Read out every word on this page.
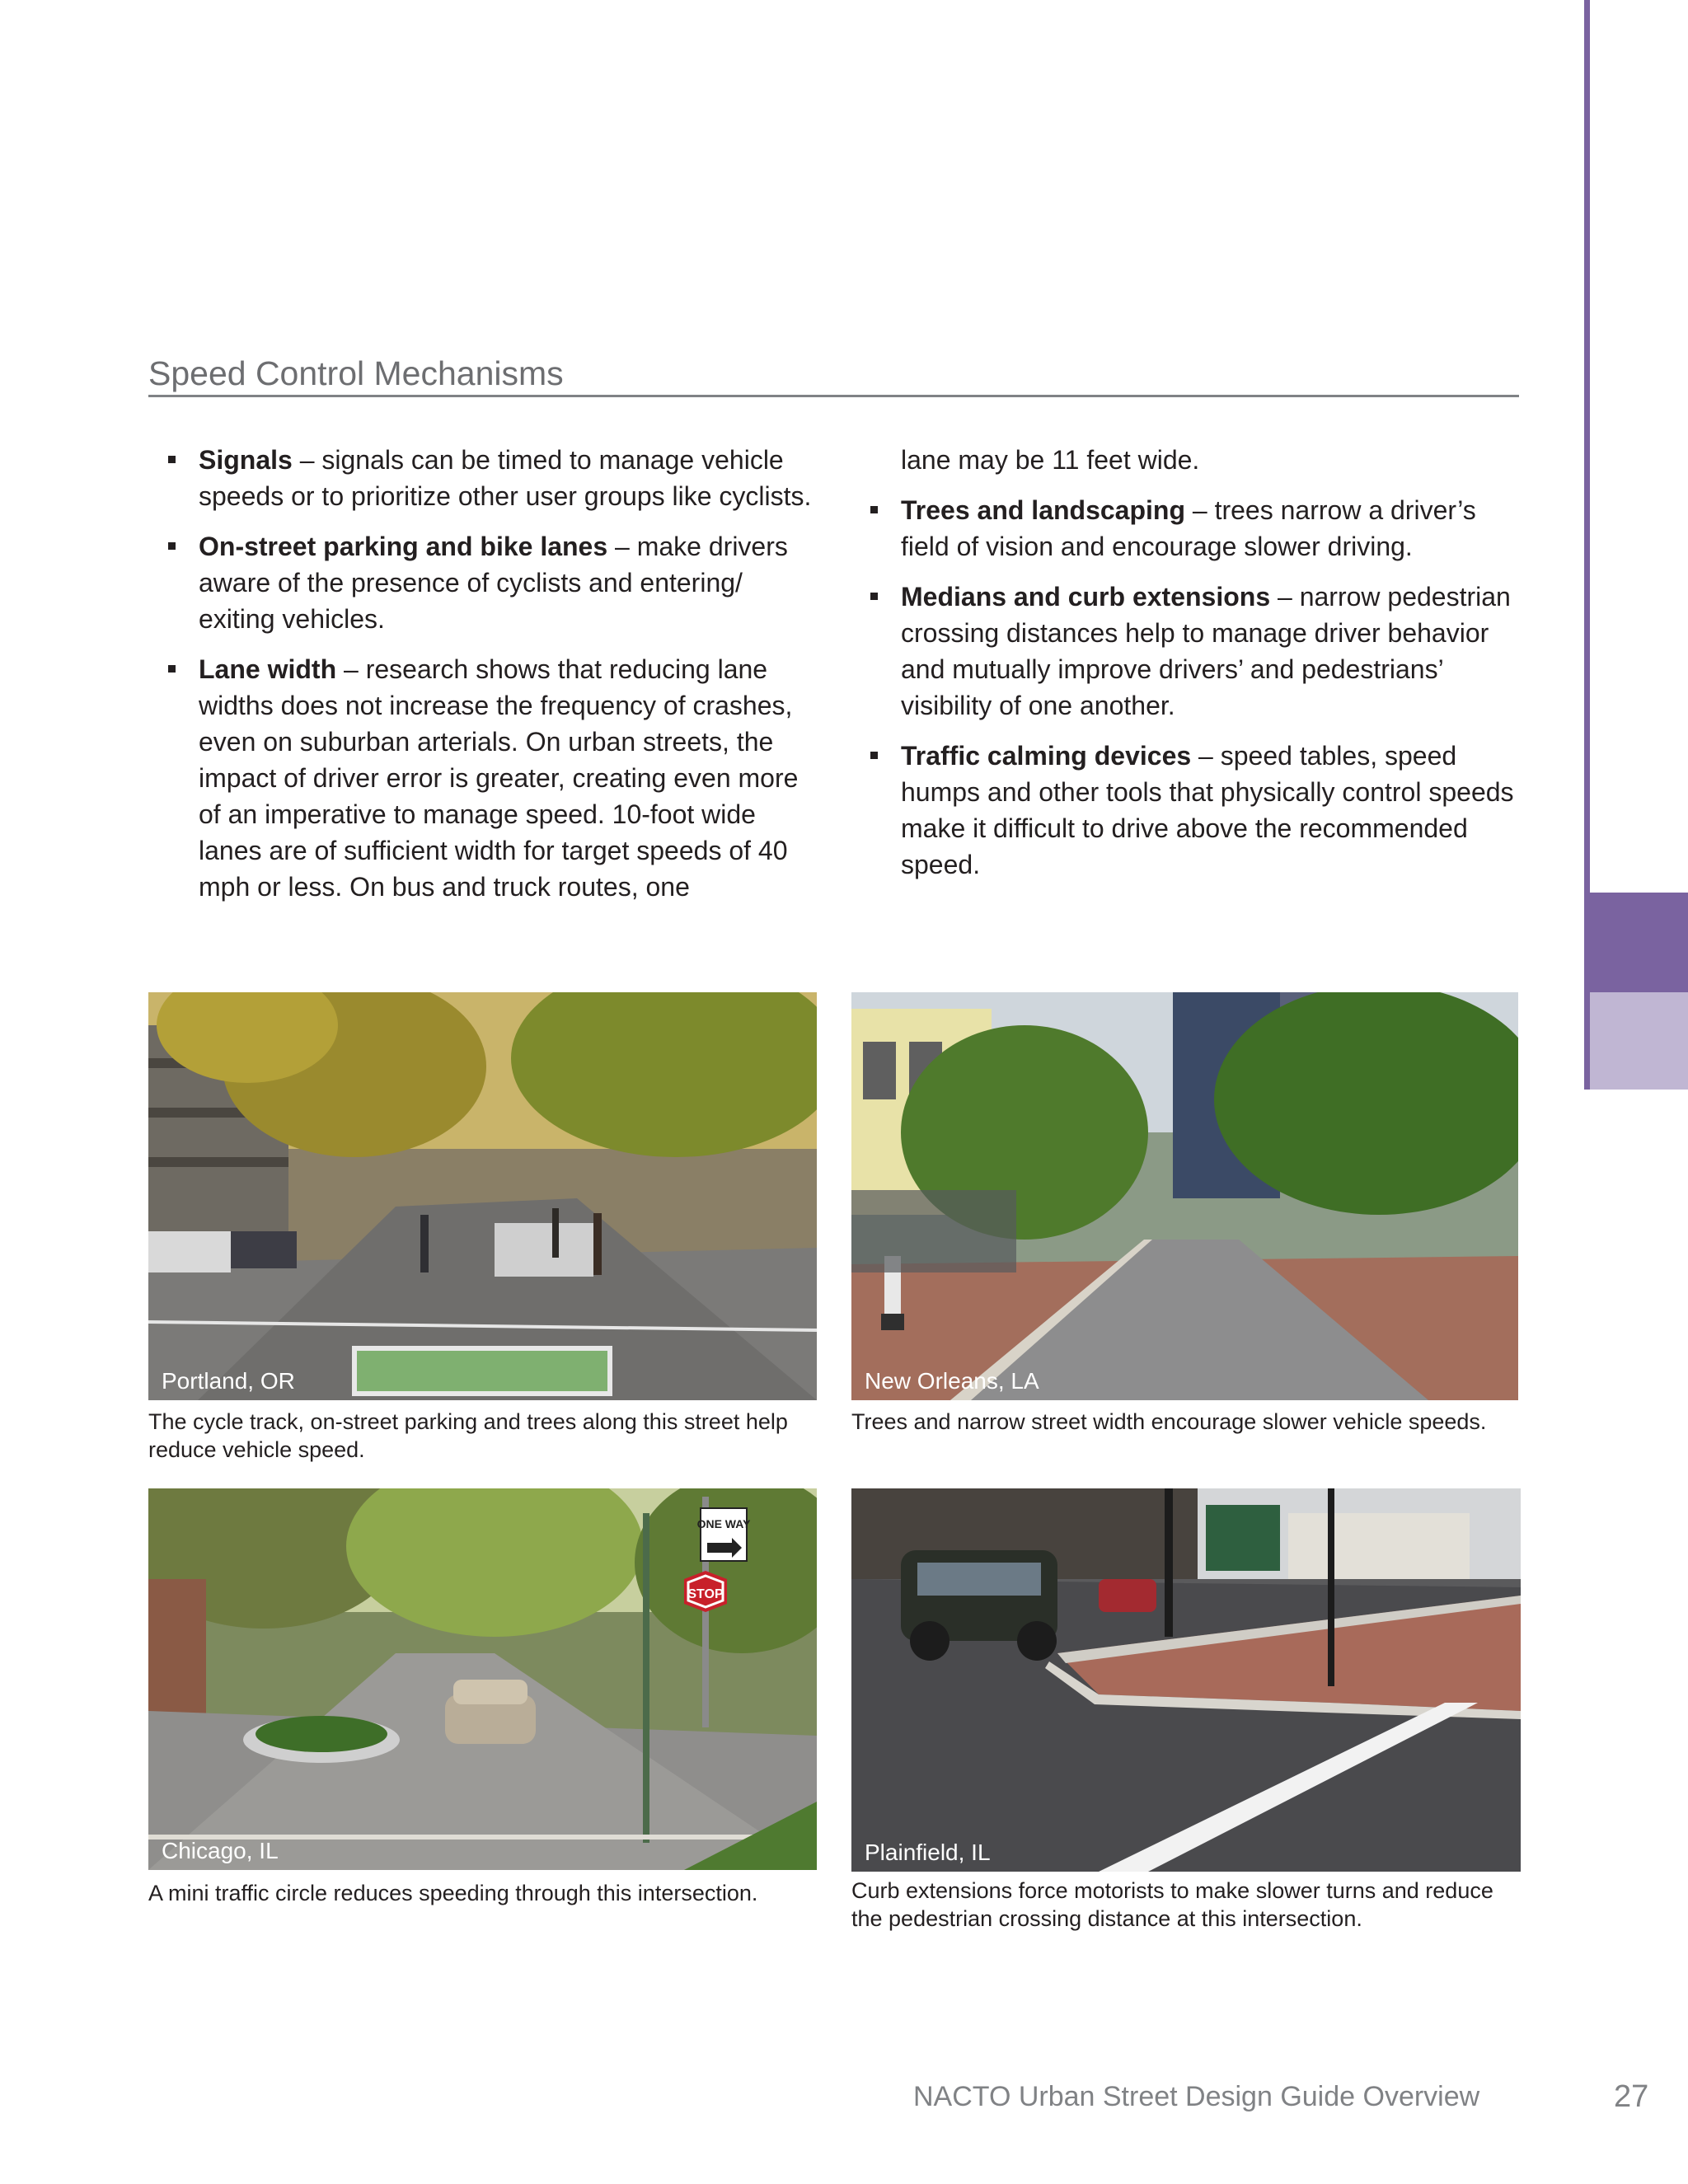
Speed Control Mechanisms
Signals – signals can be timed to manage vehicle speeds or to prioritize other user groups like cyclists.
On-street parking and bike lanes – make drivers aware of the presence of cyclists and entering/ exiting vehicles.
Lane width – research shows that reducing lane widths does not increase the frequency of crashes, even on suburban arterials. On urban streets, the impact of driver error is greater, creating even more of an imperative to manage speed. 10-foot wide lanes are of sufficient width for target speeds of 40 mph or less. On bus and truck routes, one

lane may be 11 feet wide.

Trees and landscaping – trees narrow a driver’s field of vision and encourage slower driving.
Medians and curb extensions – narrow pedestrian crossing distances help to manage driver behavior and mutually improve drivers’ and pedestrians’ visibility of one another.
Traffic calming devices – speed tables, speed humps and other tools that physically control speeds make it difficult to drive above the recommended speed.
Portland, OR

The cycle track, on-street parking and trees along this street help reduce vehicle speed.

New Orleans, LA

Trees and narrow street width encourage slower vehicle speeds.

STOP
ONE WAY
Chicago, IL

A mini traffic circle reduces speeding through this intersection.

Plainfield, IL

Curb extensions force motorists to make slower turns and reduce the pedestrian crossing distance at this intersection.

NACTO Urban Street Design Guide Overview	27
